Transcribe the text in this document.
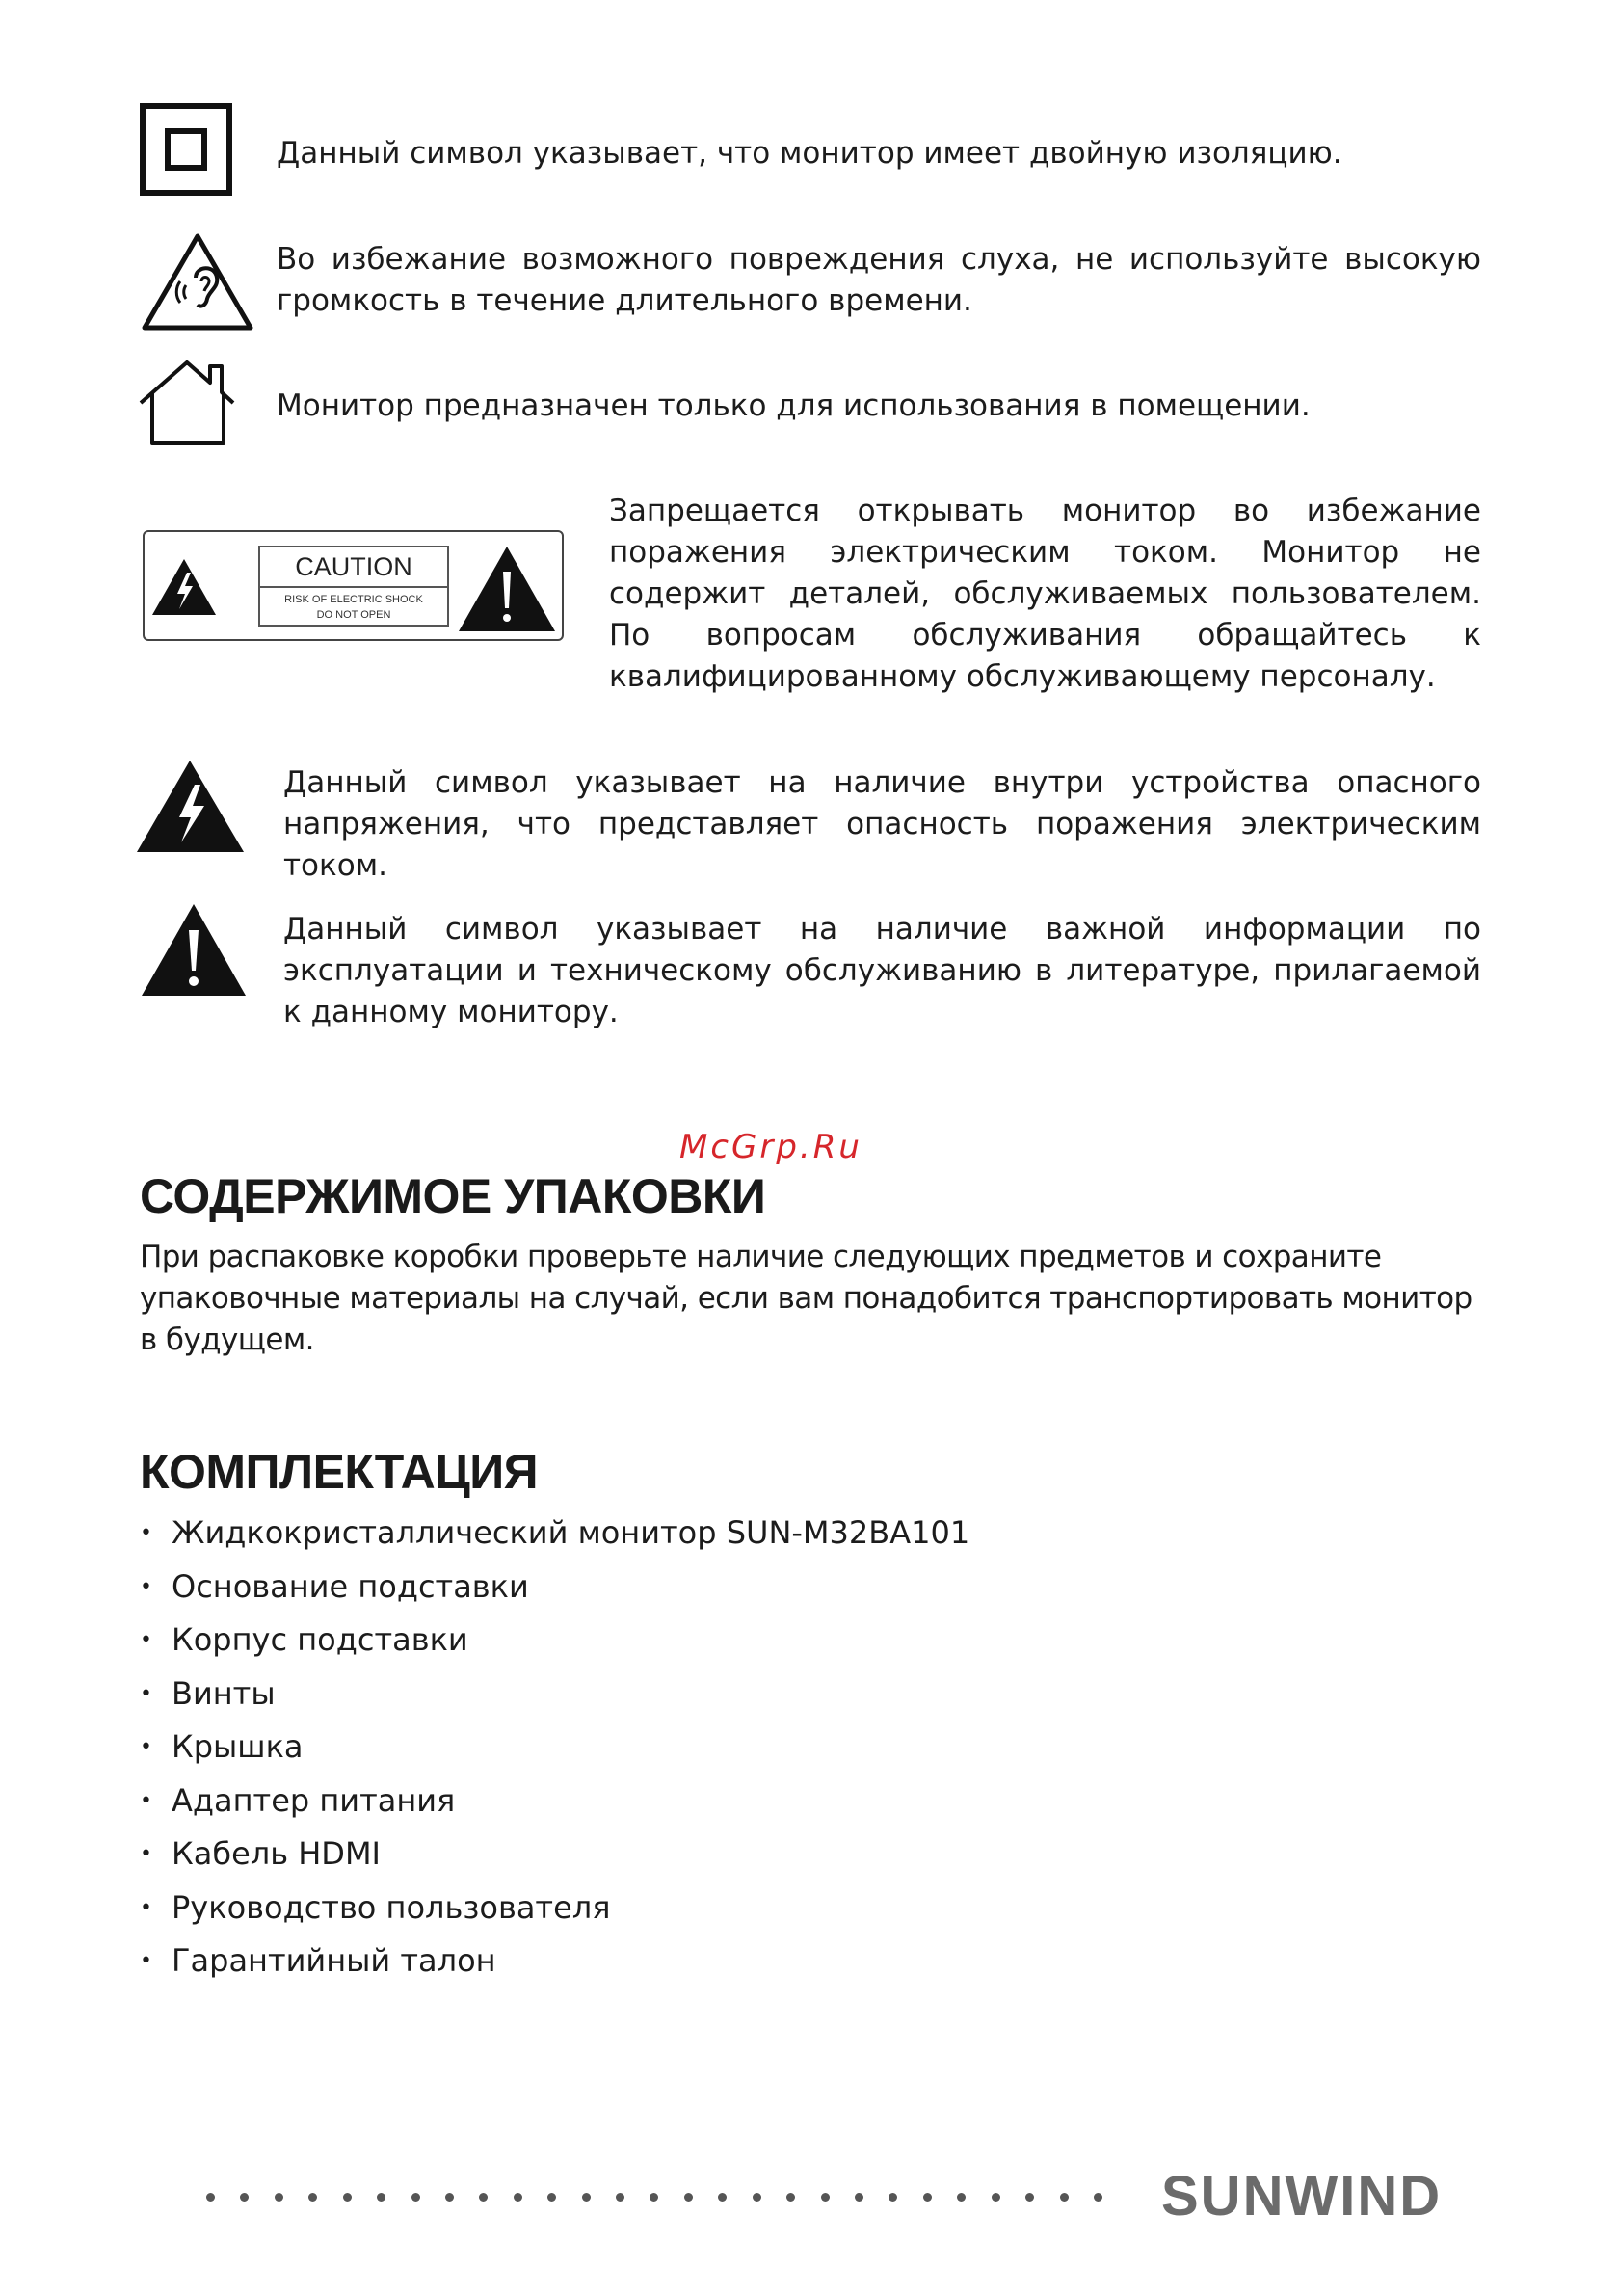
Данный символ указывает, что монитор имеет двойную изоляцию.

Во избежание возможного повреждения слуха, не используйте высокую громкость в течение длительного времени.

Монитор предназначен только для использования в помещении.

CAUTION
RISK OF ELECTRIC SHOCK
DO NOT OPEN

Запрещается открывать монитор во избежание поражения электрическим током. Монитор не содержит деталей, обслуживаемых пользователем. По вопросам обслуживания обращайтесь к квалифицированному обслуживающему персоналу.

Данный символ указывает на наличие внутри устройства опасного напряжения, что представляет опасность поражения электрическим током.

Данный символ указывает на наличие важной информации по эксплуатации и техническому обслуживанию в литературе, прилагаемой к данному монитору.

McGrp.Ru
СОДЕРЖИМОЕ УПАКОВКИ

При распаковке коробки проверьте наличие следующих предметов и сохраните упаковочные материалы на случай, если вам понадобится транспортировать монитор в будущем.

КОМПЛЕКТАЦИЯ
• Жидкокристаллический монитор SUN-M32BA101
• Основание подставки
• Корпус подставки
• Винты
• Крышка
• Адаптер питания
• Кабель HDMI
• Руководство пользователя
• Гарантийный талон
SUNWIND
